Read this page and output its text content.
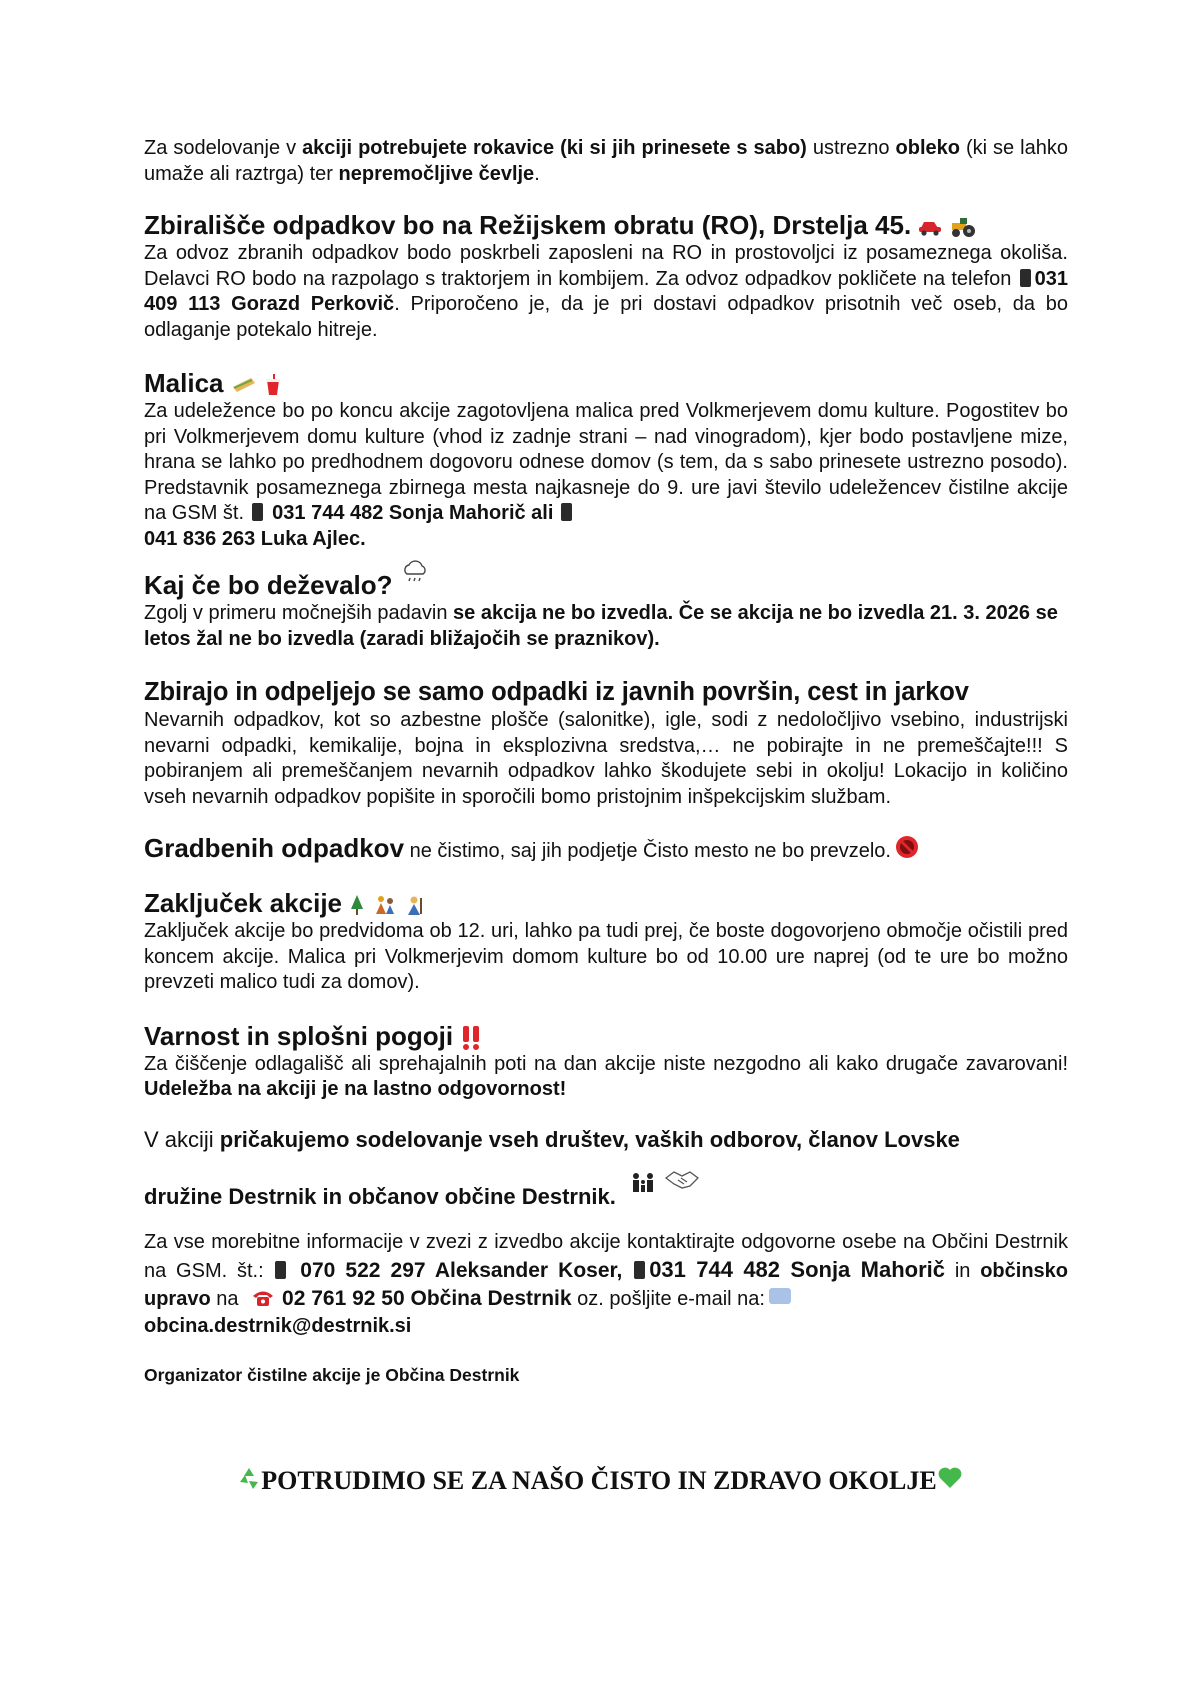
Za sodelovanje v akciji potrebujete rokavice (ki si jih prinesete s sabo) ustrezno obleko (ki se lahko umaže ali raztrga) ter nepremočljive čevlje.

Zbirališče odpadkov bo na Režijskem obratu (RO), Drstelja 45.

Za odvoz zbranih odpadkov bodo poskrbeli zaposleni na RO in prostovoljci iz posameznega okoliša. Delavci RO bodo na razpolago s traktorjem in kombijem. Za odvoz odpadkov pokličete na telefon 031 409 113 Gorazd Perkovič. Priporočeno je, da je pri dostavi odpadkov prisotnih več oseb, da bo odlaganje potekalo hitreje.

Malica

Za udeležence bo po koncu akcije zagotovljena malica pred Volkmerjevem domu kulture. Pogostitev bo pri Volkmerjevem domu kulture (vhod iz zadnje strani – nad vinogradom), kjer bodo postavljene mize, hrana se lahko po predhodnem dogovoru odnese domov (s tem, da s sabo prinesete ustrezno posodo). Predstavnik posameznega zbirnega mesta najkasneje do 9. ure javi število udeležencev čistilne akcije na GSM št.  031 744 482 Sonja Mahorič ali
041 836 263 Luka Ajlec.

Kaj če bo deževalo?

Zgolj v primeru močnejših padavin se akcija ne bo izvedla. Če se akcija ne bo izvedla 21. 3. 2026 se letos žal ne bo izvedla (zaradi bližajočih se praznikov).

Zbirajo in odpeljejo se samo odpadki iz javnih površin, cest in jarkov

Nevarnih odpadkov, kot so azbestne plošče (salonitke), igle, sodi z nedoločljivo vsebino, industrijski nevarni odpadki, kemikalije, bojna in eksplozivna sredstva,… ne pobirajte in ne premeščajte!!! S pobiranjem ali premeščanjem nevarnih odpadkov lahko škodujete sebi in okolju! Lokacijo in količino vseh nevarnih odpadkov popišite in sporočili bomo pristojnim inšpekcijskim službam.

Gradbenih odpadkov ne čistimo, saj jih podjetje Čisto mesto ne bo prevzelo.
Zaključek akcije

Zaključek akcije bo predvidoma ob 12. uri, lahko pa tudi prej, če boste dogovorjeno območje očistili pred koncem akcije. Malica pri Volkmerjevim domom kulture bo od 10.00 ure naprej (od te ure bo možno prevzeti malico tudi za domov).

Varnost in splošni pogoji

Za čiščenje odlagališč ali sprehajalnih poti na dan akcije niste nezgodno ali kako drugače zavarovani! Udeležba na akciji je na lastno odgovornost!

V akciji pričakujemo sodelovanje vseh društev, vaških odborov, članov Lovske
družine Destrnik in občanov občine Destrnik.

Za vse morebitne informacije v zvezi z izvedbo akcije kontaktirajte odgovorne osebe na Občini Destrnik na GSM. št.:  070 522 297 Aleksander Koser, 031 744 482 Sonja Mahorič in občinsko upravo na 02 761 92 50 Občina Destrnik oz. pošljite e-mail na:
obcina.destrnik@destrnik.si

Organizator čistilne akcije je Občina Destrnik
POTRUDIMO SE ZA NAŠO ČISTO IN ZDRAVO OKOLJE
